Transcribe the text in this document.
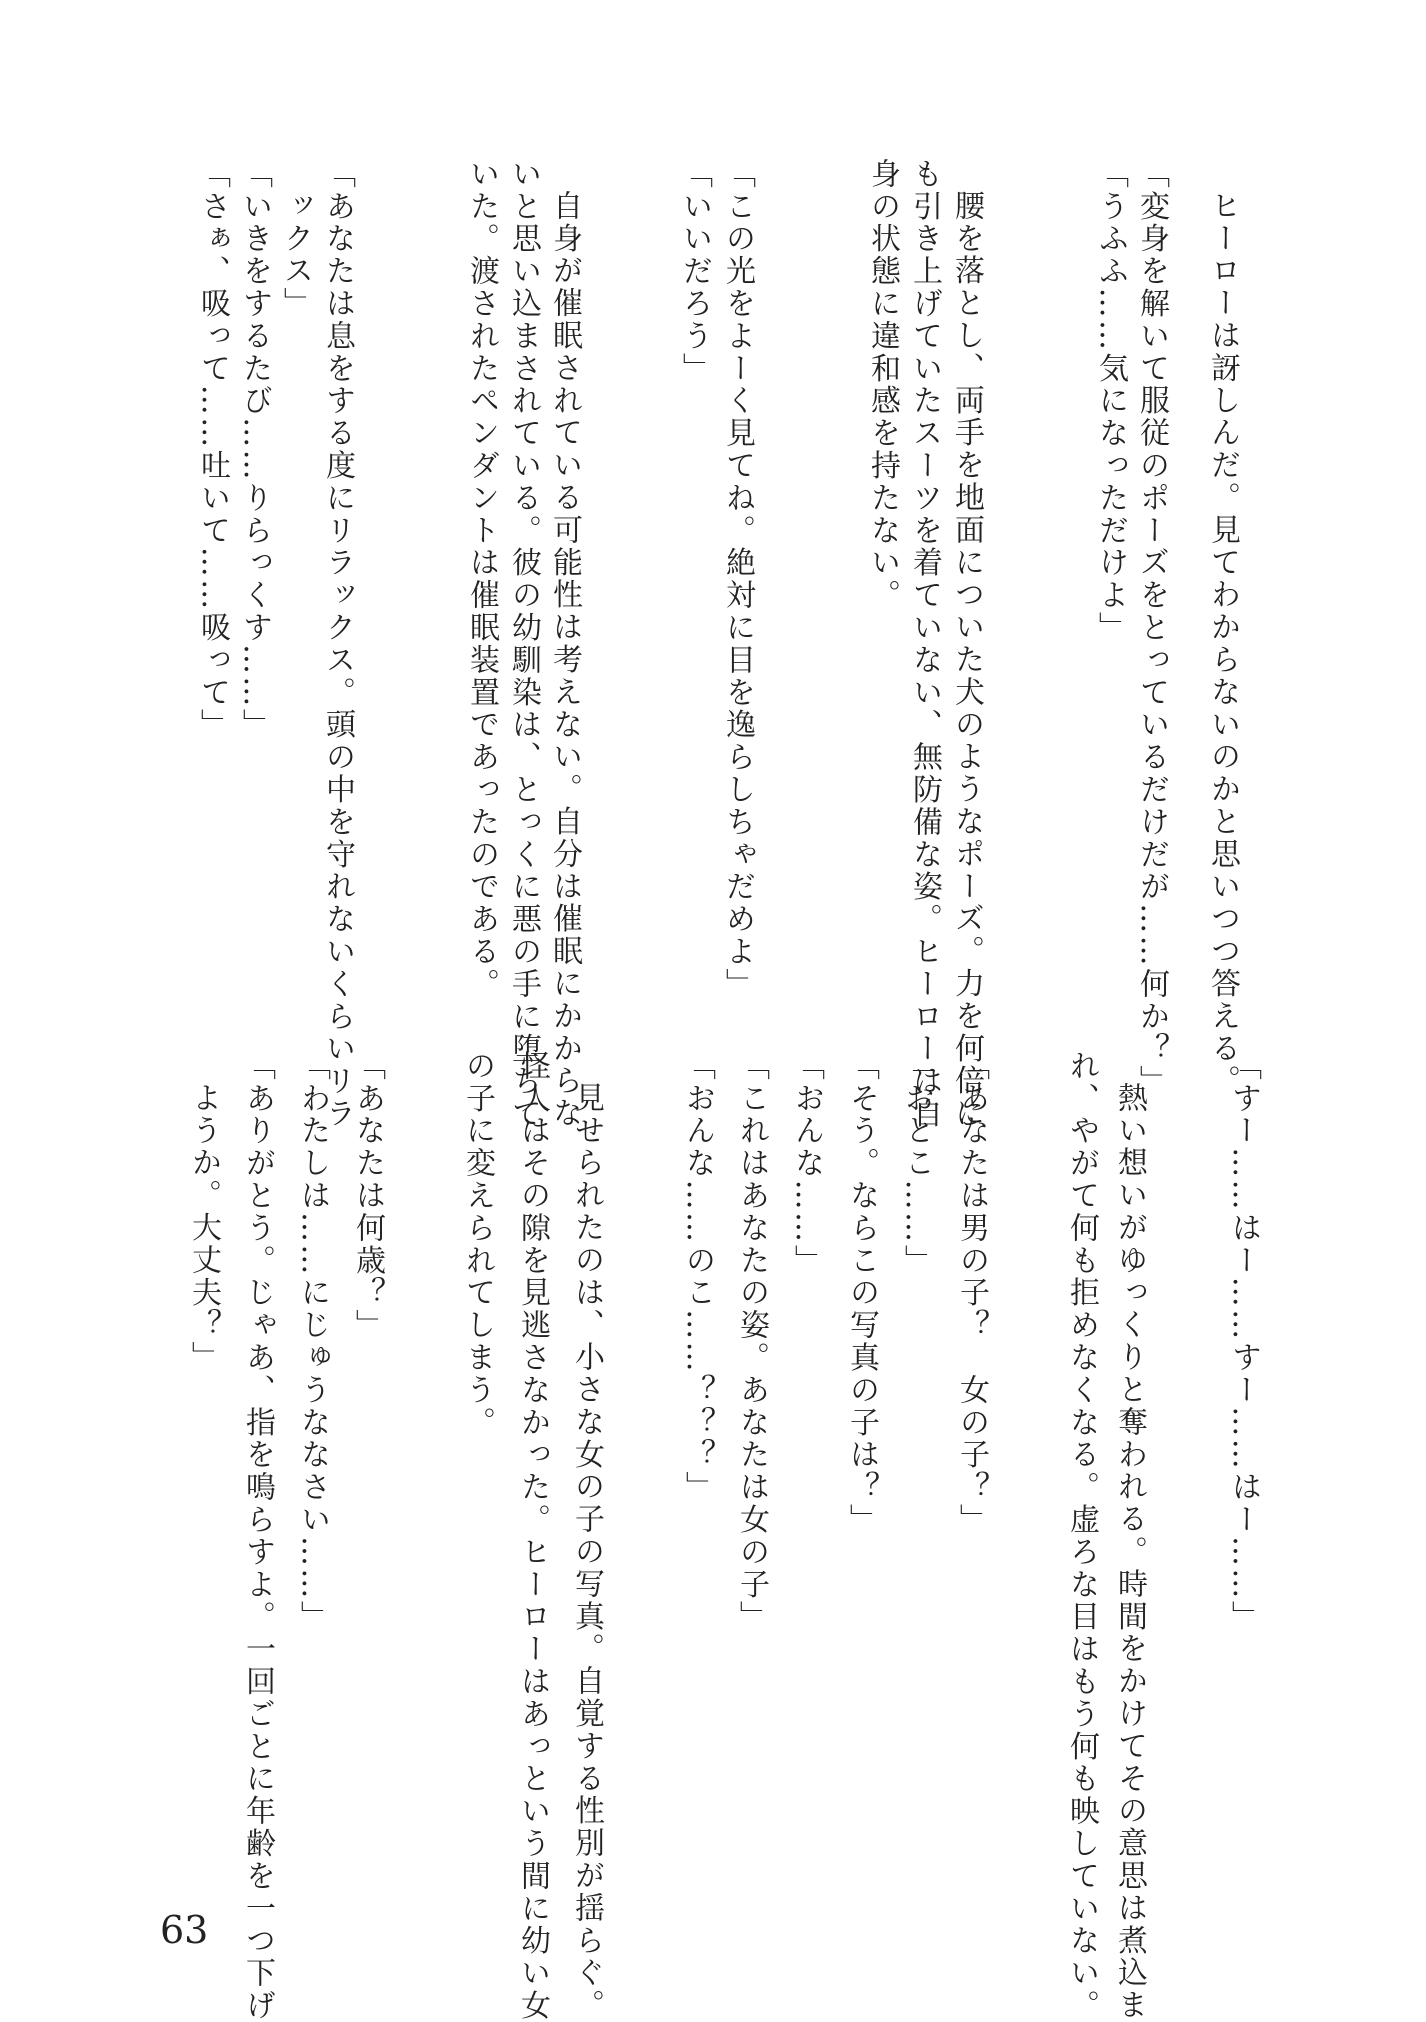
ヒーローは訝しんだ。見てわからないのかと思いつつ答える。
「変身を解いて服従のポーズをとっているだけだが……何か？」
「うふふ……気になっただけよ」
腰を落とし、両手を地面についた犬のようなポーズ。力を何倍に
も引き上げていたスーツを着ていない、無防備な姿。ヒーローは自
身の状態に違和感を持たない。
「この光をよーく見てね。絶対に目を逸らしちゃだめよ」
「いいだろう」
自身が催眠されている可能性は考えない。自分は催眠にかからな
いと思い込まされている。彼の幼馴染は、とっくに悪の手に堕ちて
いた。渡されたペンダントは催眠装置であったのである。
「あなたは息をする度にリラックス。頭の中を守れないくらいリラ
ックス」
「いきをするたび……りらっくす……」
「さぁ、吸って……吐いて……吸って」
「すー……はー……すー……はー……」
熱い想いがゆっくりと奪われる。時間をかけてその意思は煮込ま
れ、やがて何も拒めなくなる。虚ろな目はもう何も映していない。
「あなたは男の子？　女の子？」
「おとこ……」
「そう。ならこの写真の子は？」
「おんな……」
「これはあなたの姿。あなたは女の子」
「おんな……のこ……？？？」
見せられたのは、小さな女の子の写真。自覚する性別が揺らぐ。
怪人はその隙を見逃さなかった。ヒーローはあっという間に幼い女
の子に変えられてしまう。
「あなたは何歳？」
「わたしは……にじゅうななさい……」
「ありがとう。じゃあ、指を鳴らすよ。一回ごとに年齢を一つ下げ
ようか。大丈夫？」
63
